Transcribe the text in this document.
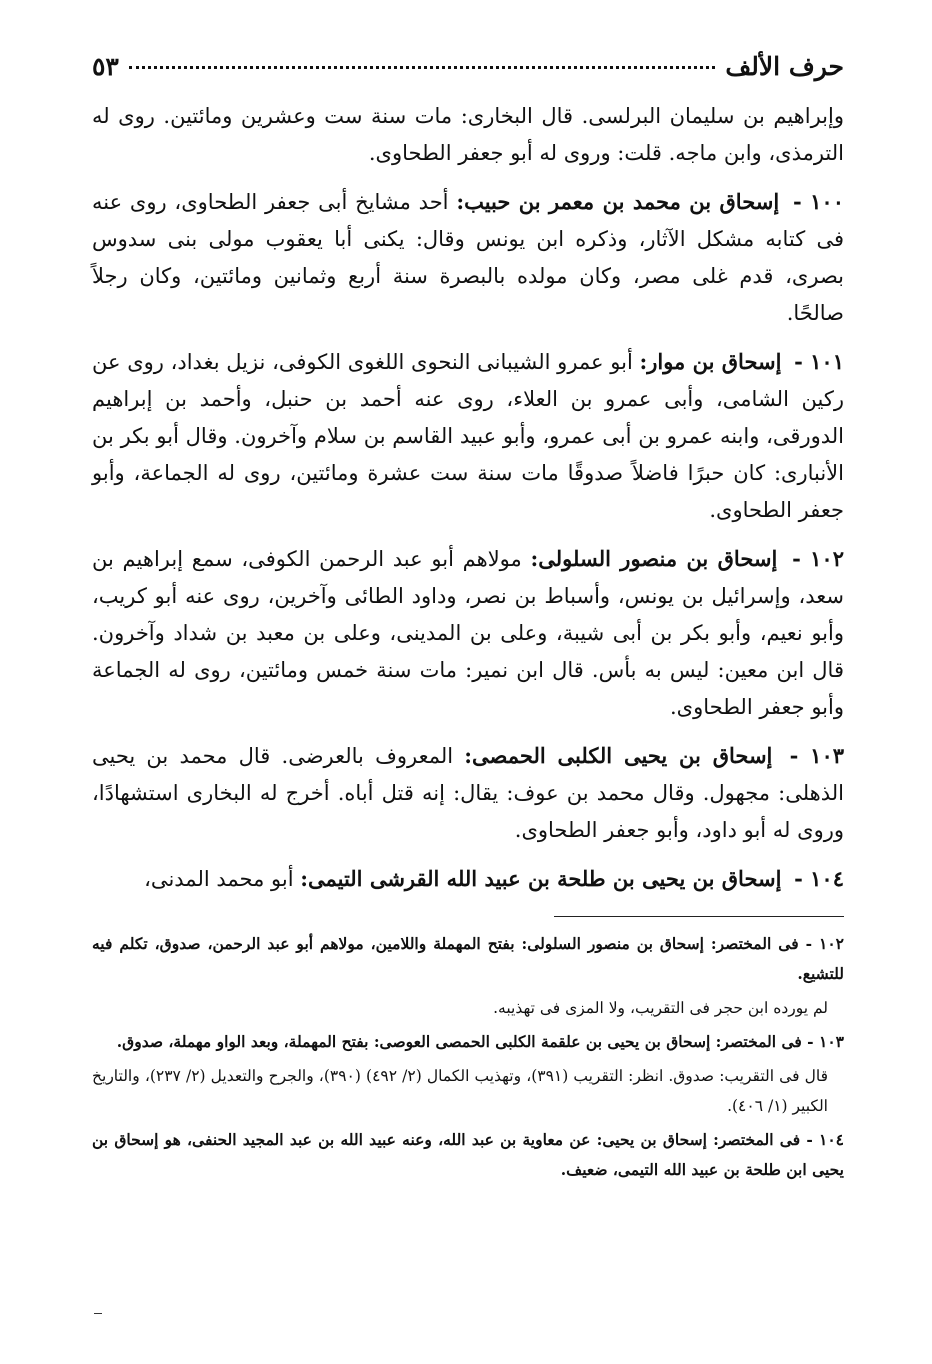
حرف الألف
٥٣

وإبراهيم بن سليمان البرلسى. قال البخارى: مات سنة ست وعشرين ومائتين. روى له الترمذى، وابن ماجه. قلت: وروى له أبو جعفر الطحاوى.

١٠٠ - إسحاق بن محمد بن معمر بن حبيب: أحد مشايخ أبى جعفر الطحاوى، روى عنه فى كتابه مشكل الآثار، وذكره ابن يونس وقال: يكنى أبا يعقوب مولى بنى سدوس بصرى، قدم غلى مصر، وكان مولده بالبصرة سنة أربع وثمانين ومائتين، وكان رجلاً صالحًا.

١٠١ - إسحاق بن موار: أبو عمرو الشيبانى النحوى اللغوى الكوفى، نزيل بغداد، روى عن ركين الشامى، وأبى عمرو بن العلاء، روى عنه أحمد بن حنبل، وأحمد بن إبراهيم الدورقى، وابنه عمرو بن أبى عمرو، وأبو عبيد القاسم بن سلام وآخرون. وقال أبو بكر بن الأنبارى: كان حبرًا فاضلاً صدوقًا مات سنة ست عشرة ومائتين، روى له الجماعة، وأبو جعفر الطحاوى.

١٠٢ - إسحاق بن منصور السلولى: مولاهم أبو عبد الرحمن الكوفى، سمع إبراهيم بن سعد، وإسرائيل بن يونس، وأسباط بن نصر، وداود الطائى وآخرين، روى عنه أبو كريب، وأبو نعيم، وأبو بكر بن أبى شيبة، وعلى بن المدينى، وعلى بن معبد بن شداد وآخرون. قال ابن معين: ليس به بأس. قال ابن نمير: مات سنة خمس ومائتين، روى له الجماعة وأبو جعفر الطحاوى.

١٠٣ - إسحاق بن يحيى الكلبى الحمصى: المعروف بالعرضى. قال محمد بن يحيى الذهلى: مجهول. وقال محمد بن عوف: يقال: إنه قتل أباه. أخرج له البخارى استشهادًا، وروى له أبو داود، وأبو جعفر الطحاوى.

١٠٤ - إسحاق بن يحيى بن طلحة بن عبيد الله القرشى التيمى: أبو محمد المدنى،

١٠٢ - فى المختصر: إسحاق بن منصور السلولى: بفتح المهملة واللامين، مولاهم أبو عبد الرحمن، صدوق، تكلم فيه للتشيع.

لم يورده ابن حجر فى التقريب، ولا المزى فى تهذيبه.

١٠٣ - فى المختصر: إسحاق بن يحيى بن علقمة الكلبى الحمصى العوصى: بفتح المهملة، وبعد الواو مهملة، صدوق.

قال فى التقريب: صدوق. انظر: التقريب (٣٩١)، وتهذيب الكمال (٢/ ٤٩٢) (٣٩٠)، والجرح والتعديل (٢/ ٢٣٧)، والتاريخ الكبير (١/ ٤٠٦).

١٠٤ - فى المختصر: إسحاق بن يحيى: عن معاوية بن عبد الله، وعنه عبيد الله بن عبد المجيد الحنفى، هو إسحاق بن يحيى ابن طلحة بن عبيد الله التيمى، ضعيف.
